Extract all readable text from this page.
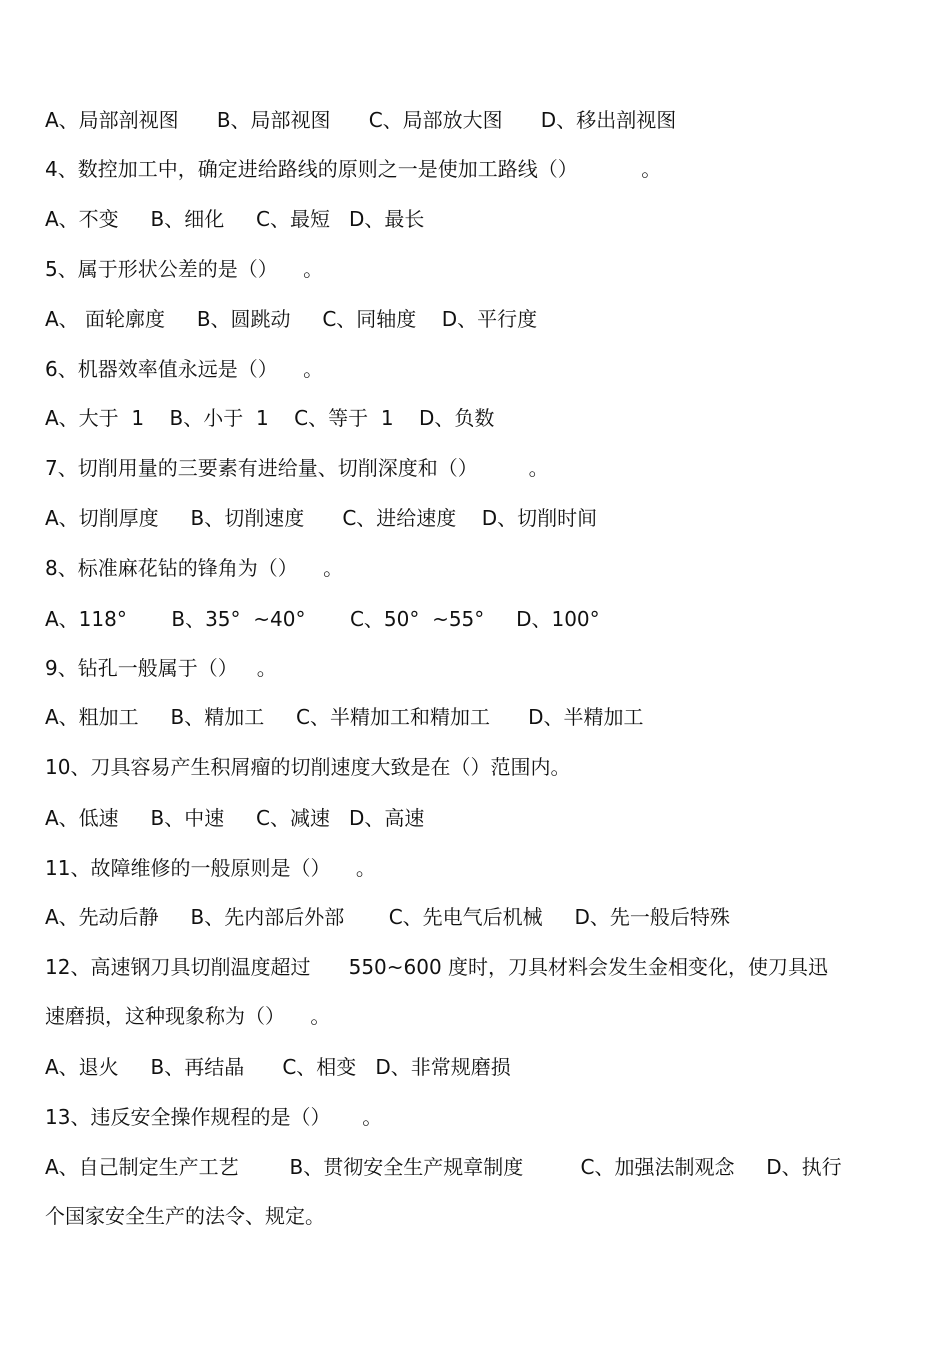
A、局部剖视图      B、局部视图      C、局部放大图      D、移出剖视图
4、数控加工中，确定进给路线的原则之一是使加工路线（）          。
A、不变     B、细化     C、最短   D、最长
5、属于形状公差的是（）    。
A、 面轮廓度     B、圆跳动     C、同轴度    D、平行度
6、机器效率值永远是（）    。
A、大于  1    B、小于  1    C、等于  1    D、负数
7、切削用量的三要素有进给量、切削深度和（）        。
A、切削厚度     B、切削速度      C、进给速度    D、切削时间
8、标准麻花钻的锋角为（）    。
A、118°       B、35°  ~40°       C、50°  ~55°     D、100°
9、钻孔一般属于（）   。
A、粗加工     B、精加工     C、半精加工和精加工      D、半精加工
10、刀具容易产生积屑瘤的切削速度大致是在（）范围内。
A、低速     B、中速     C、减速   D、高速
11、故障维修的一般原则是（）    。
A、先动后静     B、先内部后外部       C、先电气后机械     D、先一般后特殊
12、高速钢刀具切削温度超过      550~600 度时，刀具材料会发生金相变化，使刀具迅
速磨损，这种现象称为（）    。
A、退火     B、再结晶      C、相变   D、非常规磨损
13、违反安全操作规程的是（）     。
A、自己制定生产工艺        B、贯彻安全生产规章制度         C、加强法制观念     D、执行
个国家安全生产的法令、规定。
